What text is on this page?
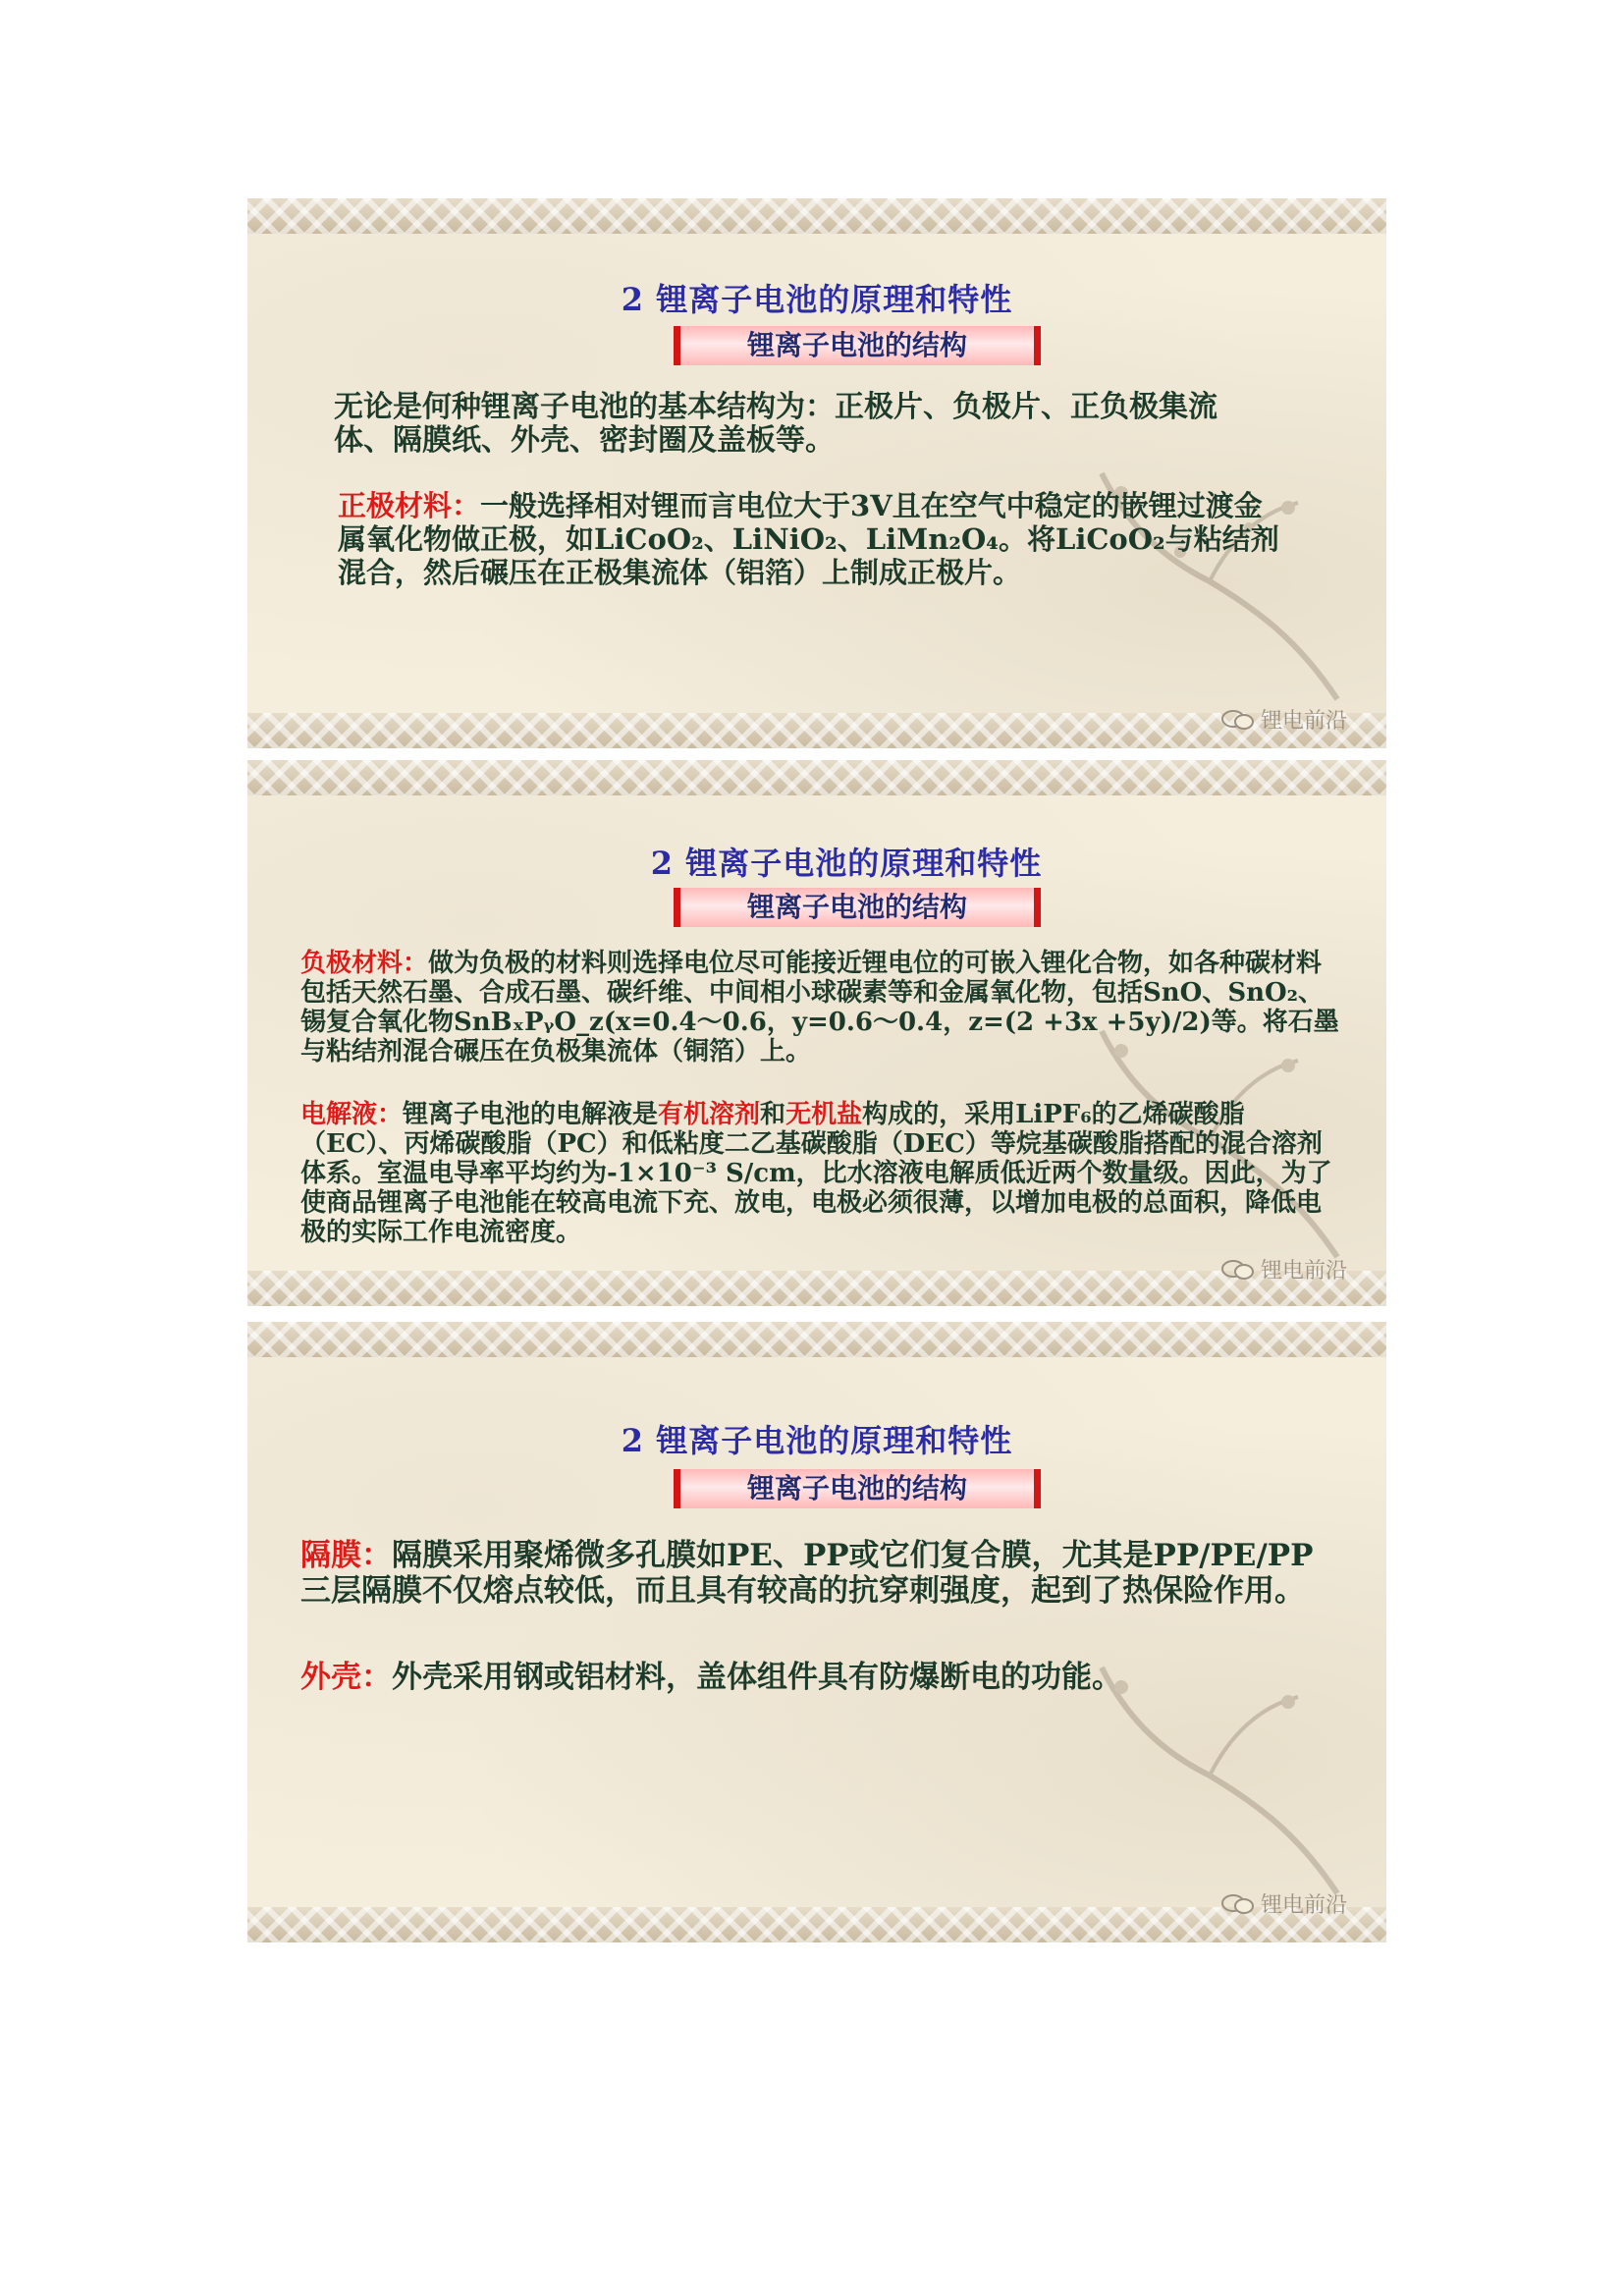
2 锂离子电池的原理和特性
锂离子电池的结构
无论是何种锂离子电池的基本结构为：正极片、负极片、正负极集流体、隔膜纸、外壳、密封圈及盖板等。
正极材料：一般选择相对锂而言电位大于3V且在空气中稳定的嵌锂过渡金属氧化物做正极，如LiCoO₂、LiNiO₂、LiMn₂O₄。将LiCoO₂与粘结剂混合，然后碾压在正极集流体（铝箔）上制成正极片。
锂电前沿
2 锂离子电池的原理和特性
锂离子电池的结构
负极材料：做为负极的材料则选择电位尽可能接近锂电位的可嵌入锂化合物，如各种碳材料包括天然石墨、合成石墨、碳纤维、中间相小球碳素等和金属氧化物，包括SnO、SnO₂、锡复合氧化物SnBₓPᵧO_z(x=0.4～0.6，y=0.6～0.4，z=(2 +3x +5y)/2)等。将石墨与粘结剂混合碾压在负极集流体（铜箔）上。
电解液：锂离子电池的电解液是有机溶剂和无机盐构成的，采用LiPF₆的乙烯碳酸脂（EC）、丙烯碳酸脂（PC）和低粘度二乙基碳酸脂（DEC）等烷基碳酸脂搭配的混合溶剂体系。室温电导率平均约为-1×10⁻³ S/cm，比水溶液电解质低近两个数量级。因此，为了使商品锂离子电池能在较高电流下充、放电，电极必须很薄，以增加电极的总面积，降低电极的实际工作电流密度。
锂电前沿
2 锂离子电池的原理和特性
锂离子电池的结构
隔膜：隔膜采用聚烯微多孔膜如PE、PP或它们复合膜，尤其是PP/PE/PP三层隔膜不仅熔点较低，而且具有较高的抗穿刺强度，起到了热保险作用。
外壳：外壳采用钢或铝材料，盖体组件具有防爆断电的功能。
锂电前沿
